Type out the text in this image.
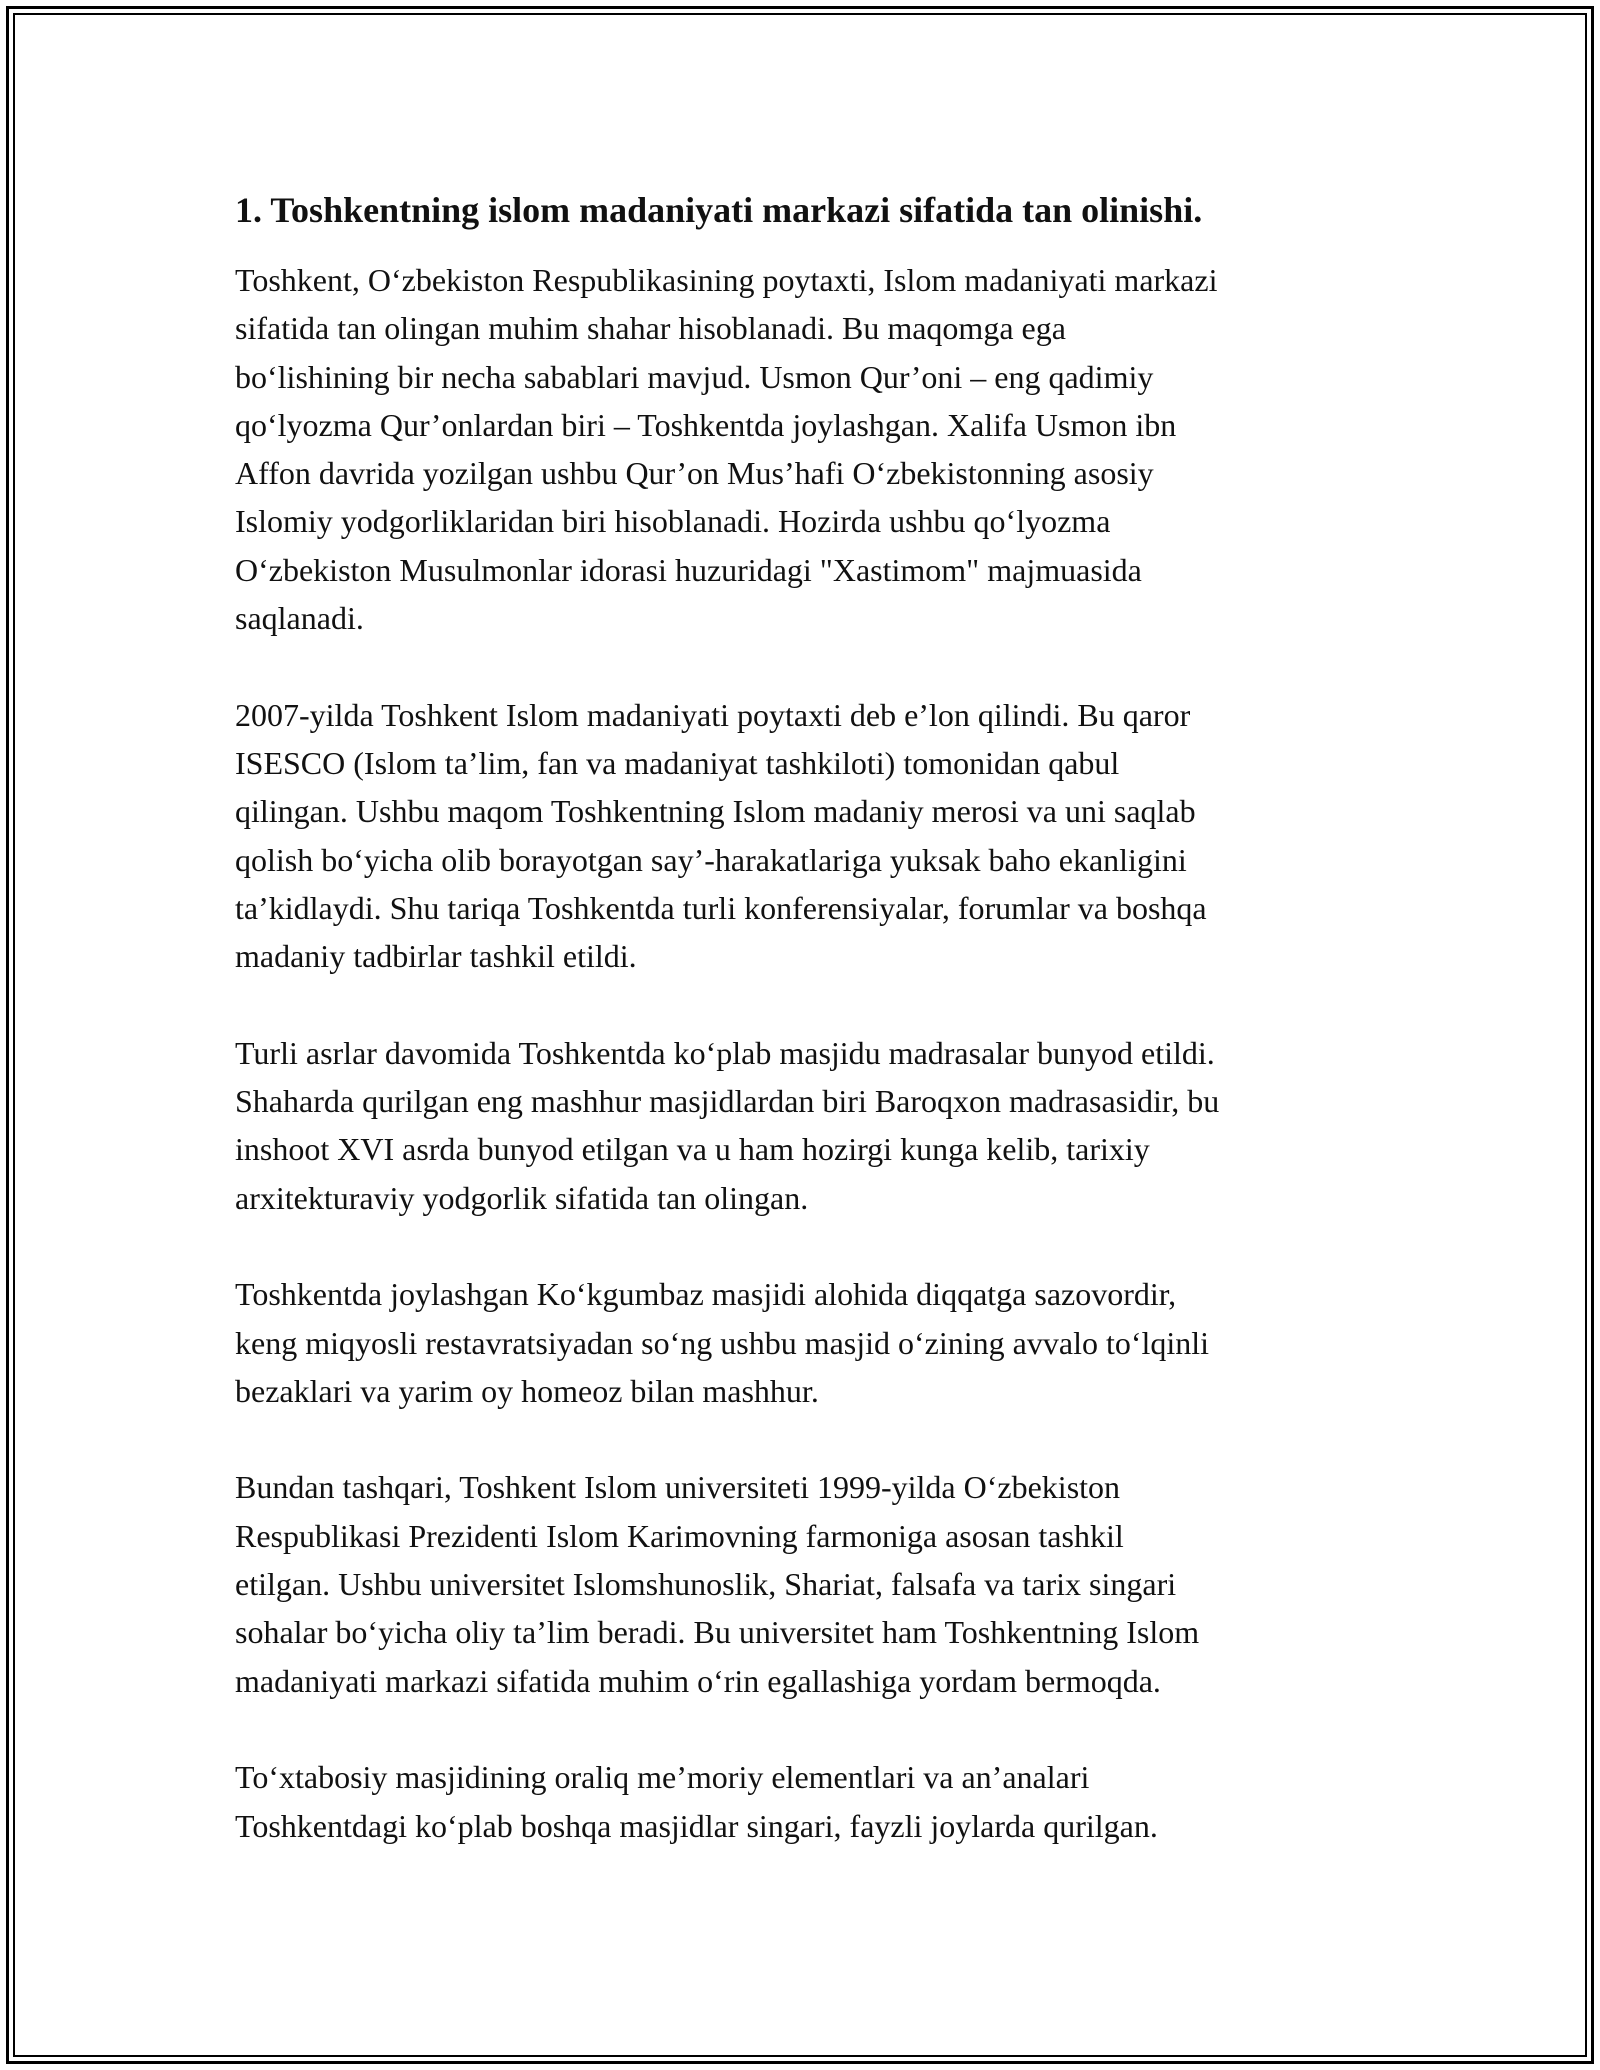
1. Toshkentning islom madaniyati markazi sifatida tan olinishi.

Toshkent, O‘zbekiston Respublikasining poytaxti, Islom madaniyati markazi
sifatida tan olingan muhim shahar hisoblanadi. Bu maqomga ega
bo‘lishining bir necha sabablari mavjud. Usmon Qur’oni – eng qadimiy
qo‘lyozma Qur’onlardan biri – Toshkentda joylashgan. Xalifa Usmon ibn
Affon davrida yozilgan ushbu Qur’on Mus’hafi O‘zbekistonning asosiy
Islomiy yodgorliklaridan biri hisoblanadi. Hozirda ushbu qo‘lyozma
O‘zbekiston Musulmonlar idorasi huzuridagi "Xastimom" majmuasida
saqlanadi.

2007-yilda Toshkent Islom madaniyati poytaxti deb e’lon qilindi. Bu qaror
ISESCO (Islom ta’lim, fan va madaniyat tashkiloti) tomonidan qabul
qilingan. Ushbu maqom Toshkentning Islom madaniy merosi va uni saqlab
qolish bo‘yicha olib borayotgan say’-harakatlariga yuksak baho ekanligini
ta’kidlaydi. Shu tariqa Toshkentda turli konferensiyalar, forumlar va boshqa
madaniy tadbirlar tashkil etildi.

Turli asrlar davomida Toshkentda ko‘plab masjidu madrasalar bunyod etildi.
Shaharda qurilgan eng mashhur masjidlardan biri Baroqxon madrasasidir, bu
inshoot XVI asrda bunyod etilgan va u ham hozirgi kunga kelib, tarixiy
arxitekturaviy yodgorlik sifatida tan olingan.

Toshkentda joylashgan Ko‘kgumbaz masjidi alohida diqqatga sazovordir,
keng miqyosli restavratsiyadan so‘ng ushbu masjid o‘zining avvalo to‘lqinli
bezaklari va yarim oy homeoz bilan mashhur.

Bundan tashqari, Toshkent Islom universiteti 1999-yilda O‘zbekiston
Respublikasi Prezidenti Islom Karimovning farmoniga asosan tashkil
etilgan. Ushbu universitet Islomshunoslik, Shariat, falsafa va tarix singari
sohalar bo‘yicha oliy ta’lim beradi. Bu universitet ham Toshkentning Islom
madaniyati markazi sifatida muhim o‘rin egallashiga yordam bermoqda.

To‘xtabosiy masjidining oraliq me’moriy elementlari va an’analari
Toshkentdagi ko‘plab boshqa masjidlar singari, fayzli joylarda qurilgan.
